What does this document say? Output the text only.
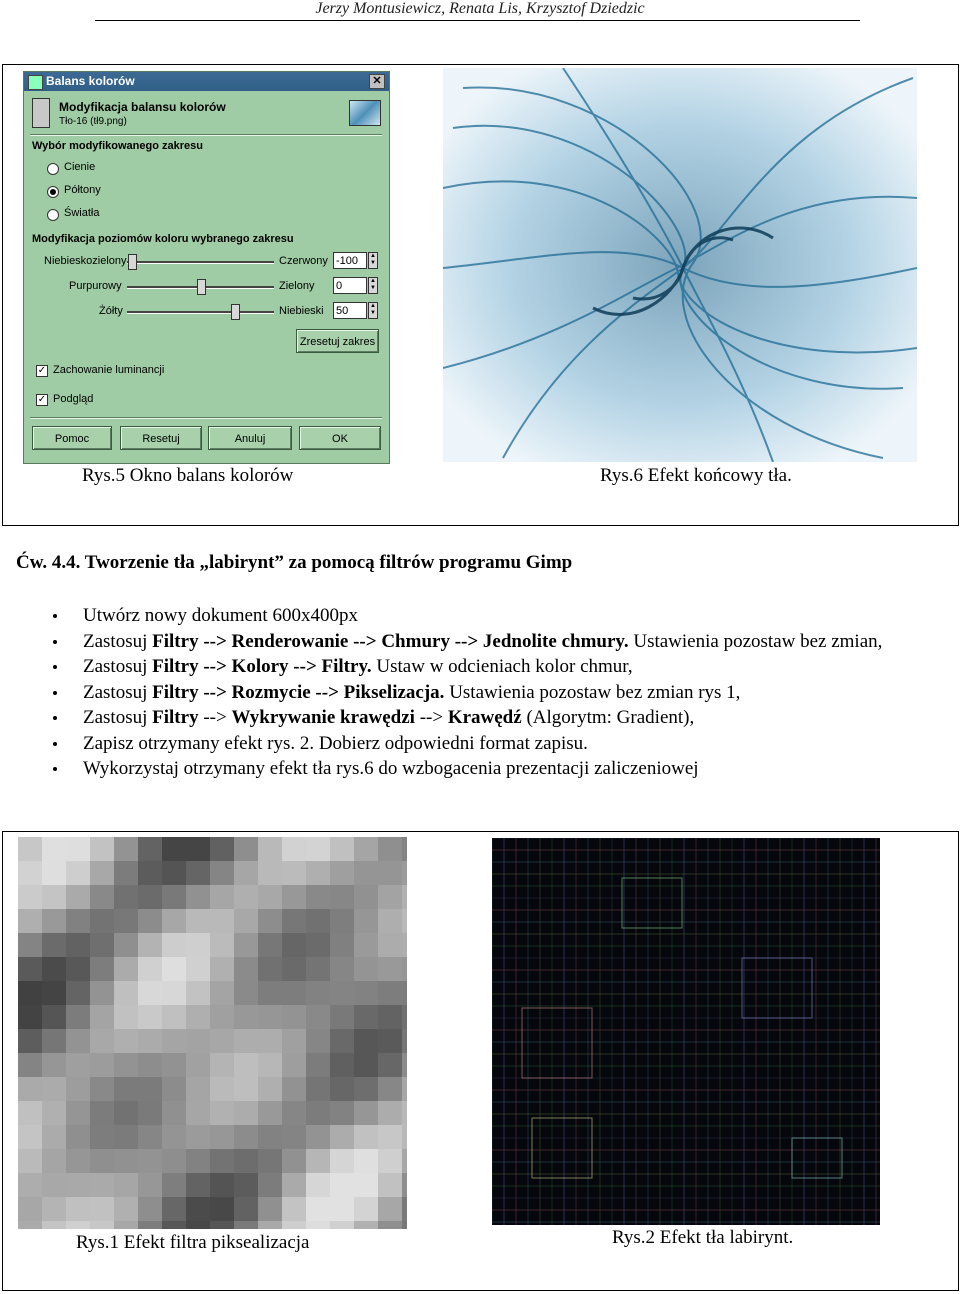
Jerzy Montusiewicz, Renata Lis, Krzysztof Dziedzic
Balans kolorów	✕
Modyfikacja balansu kolorów
Tło-16 (tł9.png)
Wybór modyfikowanego zakresu
Cienie
Półtony
Światła
Modyfikacja poziomów koloru wybranego zakresu
Niebieskozielony	Czerwony -100	▲
▼
Purpurowy	Zielony 0	▲
▼
Żółty	Niebieski 50	▲
▼
Zresetuj zakres
✓ Zachowanie luminancji
✓ Podgląd
Pomoc	Resetuj	Anuluj	OK
Rys.5 Okno balans kolorów	Rys.6 Efekt końcowy tła.
Ćw. 4.4. Tworzenie tła „labirynt” za pomocą filtrów programu Gimp
Utwórz nowy dokument 600x400px
Zastosuj Filtry --> Renderowanie --> Chmury --> Jednolite chmury. Ustawienia pozostaw bez zmian,
Zastosuj Filtry --> Kolory --> Filtry. Ustaw w odcieniach kolor chmur,
Zastosuj Filtry --> Rozmycie --> Pikselizacja. Ustawienia pozostaw bez zmian rys 1,
Zastosuj Filtry --> Wykrywanie krawędzi --> Krawędź (Algorytm: Gradient),
Zapisz otrzymany efekt rys. 2. Dobierz odpowiedni format zapisu.
Wykorzystaj otrzymany efekt tła rys.6 do wzbogacenia prezentacji zaliczeniowej
Rys.1 Efekt filtra piksealizacja	Rys.2 Efekt tła labirynt.
